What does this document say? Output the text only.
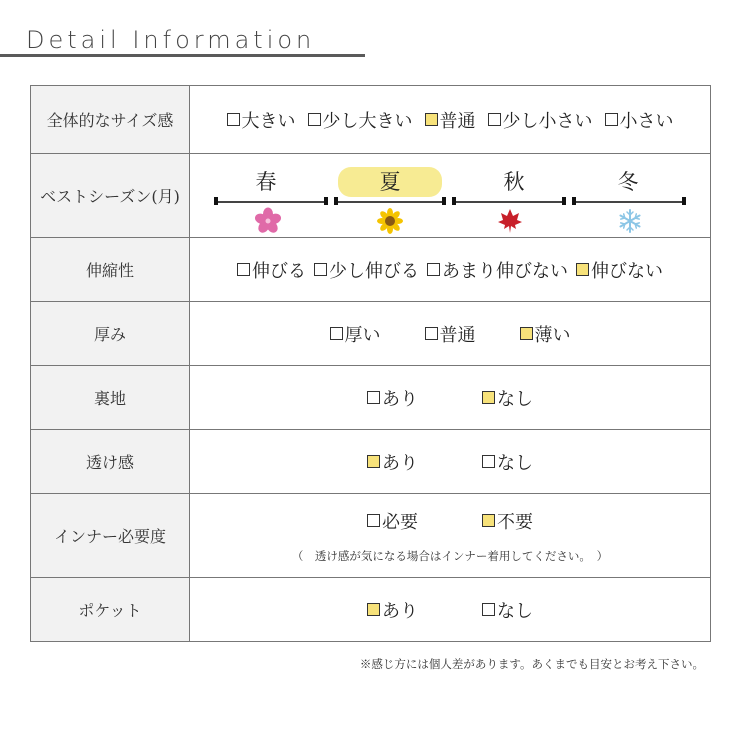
Detail Information
全体的なサイズ感	大きい 少し大きい 普通 少し小さい 小さい

ベストシーズン(月)	春 夏 秋 冬

伸縮性	伸びる 少し伸びる あまり伸びない 伸びない

厚み	厚い 普通 薄い

裏地	あり なし

透け感	あり なし

インナー必要度	必要 不要
（　透け感が気になる場合はインナー着用してください。　）

ポケット	あり なし
※感じ方には個人差があります。あくまでも目安とお考え下さい。
